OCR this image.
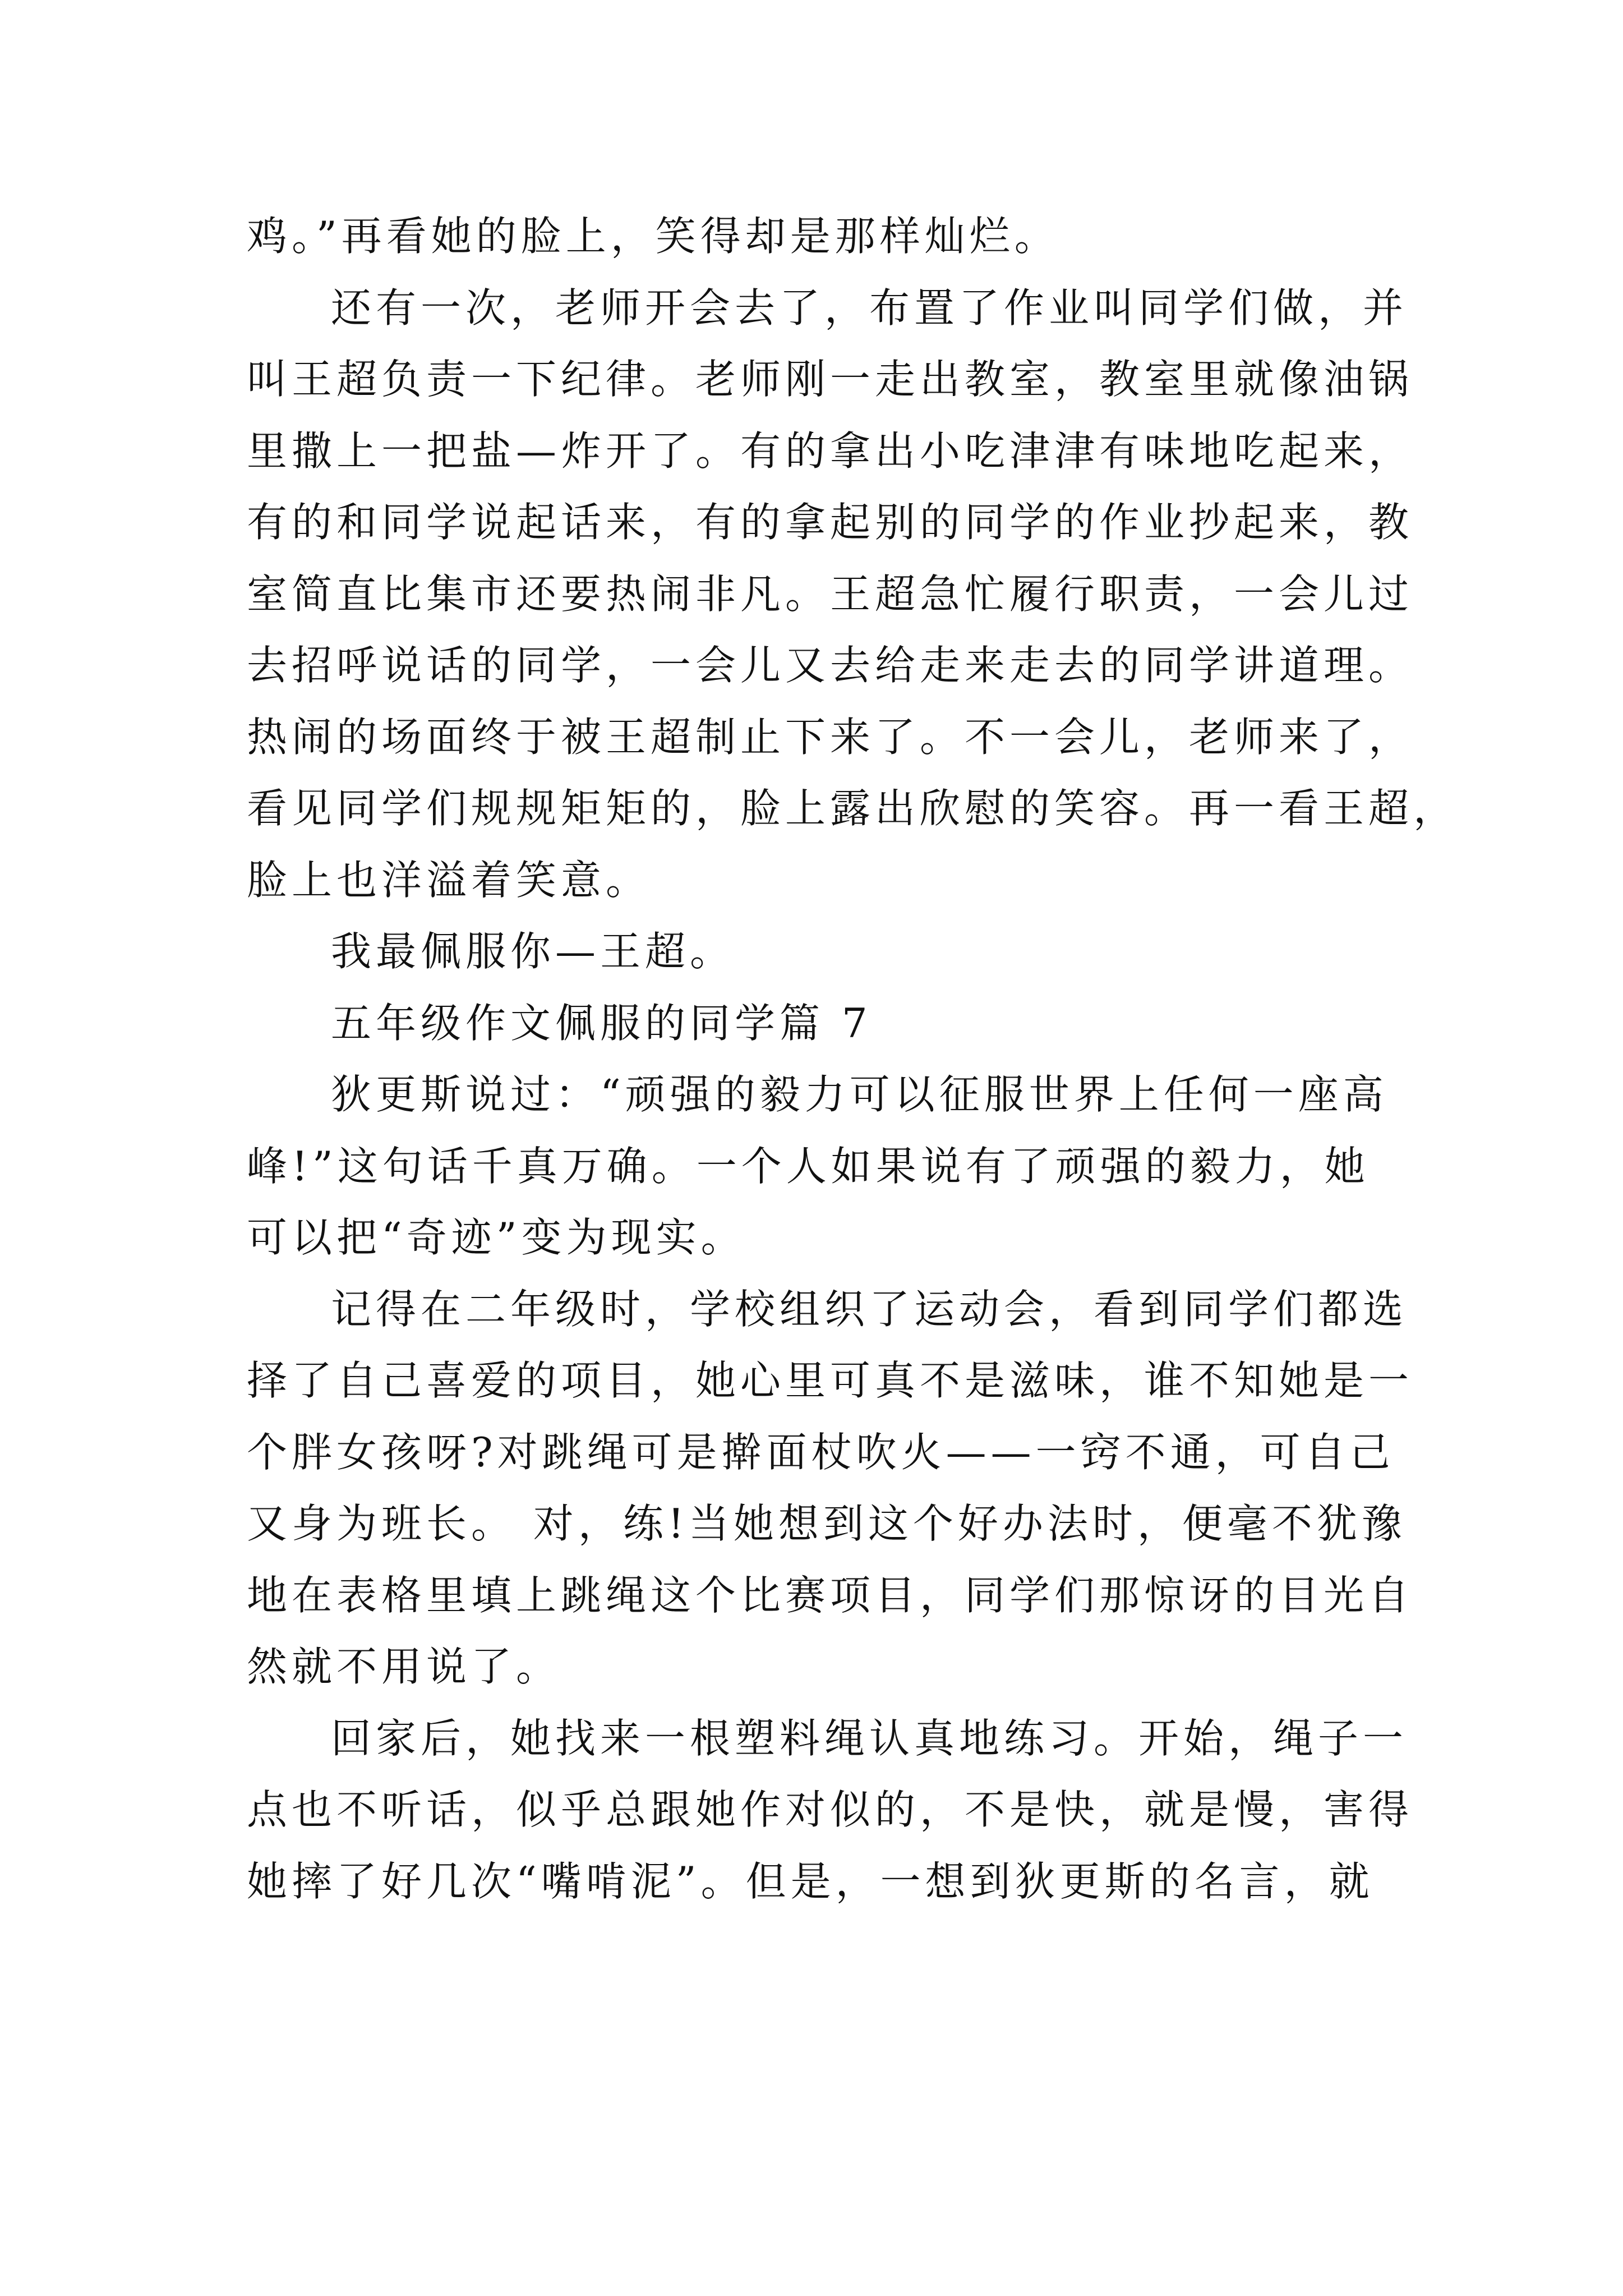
鸡。”再看她的脸上，笑得却是那样灿烂。
还有一次，老师开会去了，布置了作业叫同学们做，并
叫王超负责一下纪律。老师刚一走出教室，教室里就像油锅
里撒上一把盐—炸开了。有的拿出小吃津津有味地吃起来，
有的和同学说起话来，有的拿起别的同学的作业抄起来，教
室简直比集市还要热闹非凡。王超急忙履行职责，一会儿过
去招呼说话的同学，一会儿又去给走来走去的同学讲道理。
热闹的场面终于被王超制止下来了。不一会儿，老师来了，
看见同学们规规矩矩的，脸上露出欣慰的笑容。再一看王超，
脸上也洋溢着笑意。
我最佩服你—王超。
五年级作文佩服的同学篇 7
狄更斯说过：“顽强的毅力可以征服世界上任何一座高
峰!”这句话千真万确。一个人如果说有了顽强的毅力，她
可以把“奇迹”变为现实。
记得在二年级时，学校组织了运动会，看到同学们都选
择了自己喜爱的项目，她心里可真不是滋味，谁不知她是一
个胖女孩呀?对跳绳可是擀面杖吹火——一窍不通，可自己
又身为班长。 对，练!当她想到这个好办法时，便毫不犹豫
地在表格里填上跳绳这个比赛项目，同学们那惊讶的目光自
然就不用说了。
回家后，她找来一根塑料绳认真地练习。开始，绳子一
点也不听话，似乎总跟她作对似的，不是快，就是慢，害得
她摔了好几次“嘴啃泥”。但是，一想到狄更斯的名言，就
